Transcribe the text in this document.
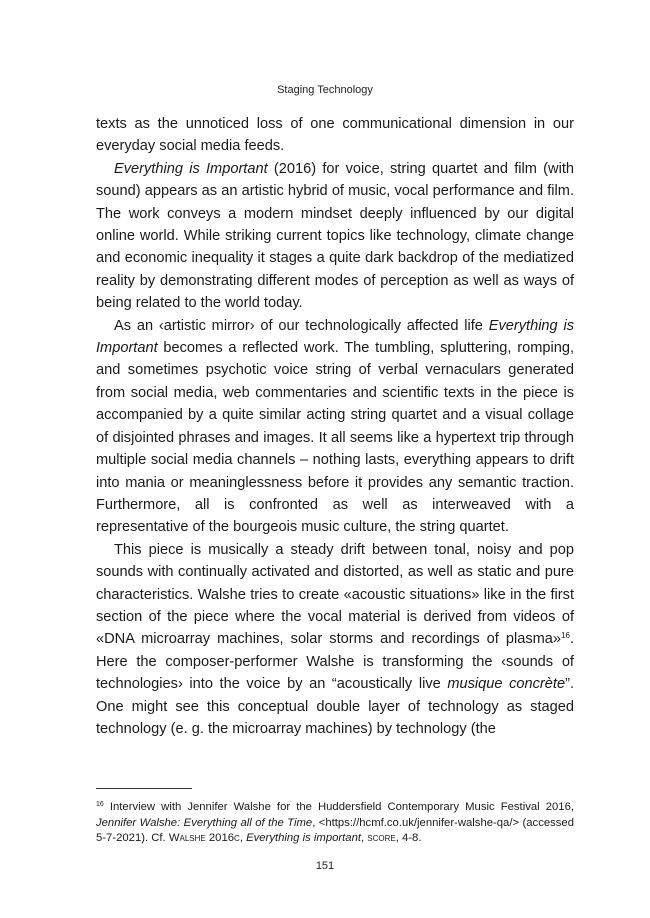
Staging Technology

texts as the unnoticed loss of one communicational dimension in our everyday social media feeds.

Everything is Important (2016) for voice, string quartet and film (with sound) appears as an artistic hybrid of music, vocal performance and film. The work conveys a modern mindset deeply influenced by our digital online world. While striking current topics like technology, climate change and economic inequality it stages a quite dark backdrop of the mediatized reality by demonstrating different modes of perception as well as ways of being related to the world today.

As an ‹artistic mirror› of our technologically affected life Everything is Important becomes a reflected work. The tumbling, spluttering, romping, and sometimes psychotic voice string of verbal vernaculars generated from social media, web commentaries and scientific texts in the piece is accompanied by a quite similar acting string quartet and a visual collage of disjointed phrases and images. It all seems like a hypertext trip through multiple social media channels – nothing lasts, everything appears to drift into mania or meaninglessness before it provides any semantic traction. Furthermore, all is confronted as well as interweaved with a representative of the bourgeois music culture, the string quartet.

This piece is musically a steady drift between tonal, noisy and pop sounds with continually activated and distorted, as well as static and pure characteristics. Walshe tries to create «acoustic situations» like in the first section of the piece where the vocal material is derived from videos of «DNA microarray machines, solar storms and recordings of plasma»$^{16}$. Here the composer-performer Walshe is transforming the ‹sounds of technologies› into the voice by an “acoustically live musique concrète”. One might see this conceptual double layer of technology as staged technology (e. g. the microarray machines) by technology (the

$^{16}$ Interview with Jennifer Walshe for the Huddersfield Contemporary Music Festival 2016, Jennifer Walshe: Everything all of the Time, <https://hcmf.co.uk/jennifer-walshe-qa/> (accessed 5-7-2021). Cf. Walshe 2016c, Everything is important, score, 4-8.
151
